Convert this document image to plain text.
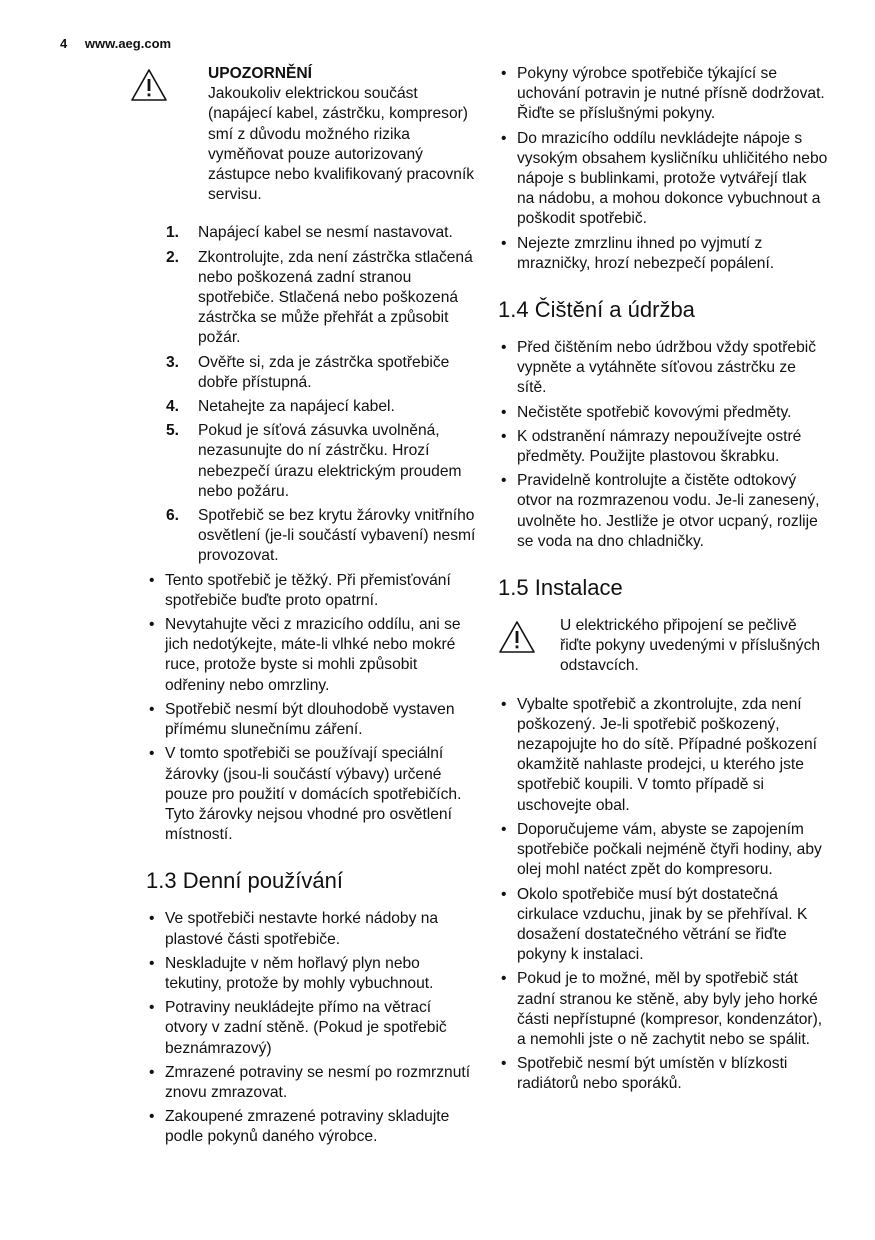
4 www.aeg.com
UPOZORNĚNÍ
Jakoukoliv elektrickou součást (napájecí kabel, zástrčku, kompresor) smí z důvodu možného rizika vyměňovat pouze autorizovaný zástupce nebo kvalifikovaný pracovník servisu.
1. Napájecí kabel se nesmí nastavovat.
2. Zkontrolujte, zda není zástrčka stlačená nebo poškozená zadní stranou spotřebiče. Stlačená nebo poškozená zástrčka se může přehřát a způsobit požár.
3. Ověřte si, zda je zástrčka spotřebiče dobře přístupná.
4. Netahejte za napájecí kabel.
5. Pokud je síťová zásuvka uvolněná, nezasunujte do ní zástrčku. Hrozí nebezpečí úrazu elektrickým proudem nebo požáru.
6. Spotřebič se bez krytu žárovky vnitřního osvětlení (je-li součástí vybavení) nesmí provozovat.
• Tento spotřebič je těžký. Při přemisťování spotřebiče buďte proto opatrní.
• Nevytahujte věci z mrazicího oddílu, ani se jich nedotýkejte, máte-li vlhké nebo mokré ruce, protože byste si mohli způsobit odřeniny nebo omrzliny.
• Spotřebič nesmí být dlouhodobě vystaven přímému slunečnímu záření.
• V tomto spotřebiči se používají speciální žárovky (jsou-li součástí výbavy) určené pouze pro použití v domácích spotřebičích. Tyto žárovky nejsou vhodné pro osvětlení místností.
1.3 Denní používání
• Ve spotřebiči nestavte horké nádoby na plastové části spotřebiče.
• Neskladujte v něm hořlavý plyn nebo tekutiny, protože by mohly vybuchnout.
• Potraviny neukládejte přímo na větrací otvory v zadní stěně. (Pokud je spotřebič beznámrazový)
• Zmrazené potraviny se nesmí po rozmrznutí znovu zmrazovat.
• Zakoupené zmrazené potraviny skladujte podle pokynů daného výrobce.
• Pokyny výrobce spotřebiče týkající se uchování potravin je nutné přísně dodržovat. Řiďte se příslušnými pokyny.
• Do mrazicího oddílu nevkládejte nápoje s vysokým obsahem kysličníku uhličitého nebo nápoje s bublinkami, protože vytvářejí tlak na nádobu, a mohou dokonce vybuchnout a poškodit spotřebič.
• Nejezte zmrzlinu ihned po vyjmutí z mrazničky, hrozí nebezpečí popálení.
1.4 Čištění a údržba
• Před čištěním nebo údržbou vždy spotřebič vypněte a vytáhněte síťovou zástrčku ze sítě.
• Nečistěte spotřebič kovovými předměty.
• K odstranění námrazy nepoužívejte ostré předměty. Použijte plastovou škrabku.
• Pravidelně kontrolujte a čistěte odtokový otvor na rozmrazenou vodu. Je-li zanesený, uvolněte ho. Jestliže je otvor ucpaný, rozlije se voda na dno chladničky.
1.5 Instalace
U elektrického připojení se pečlivě řiďte pokyny uvedenými v příslušných odstavcích.
• Vybalte spotřebič a zkontrolujte, zda není poškozený. Je-li spotřebič poškozený, nezapojujte ho do sítě. Případné poškození okamžitě nahlaste prodejci, u kterého jste spotřebič koupili. V tomto případě si uschovejte obal.
• Doporučujeme vám, abyste se zapojením spotřebiče počkali nejméně čtyři hodiny, aby olej mohl natéct zpět do kompresoru.
• Okolo spotřebiče musí být dostatečná cirkulace vzduchu, jinak by se přehříval. K dosažení dostatečného větrání se řiďte pokyny k instalaci.
• Pokud je to možné, měl by spotřebič stát zadní stranou ke stěně, aby byly jeho horké části nepřístupné (kompresor, kondenzátor), a nemohli jste o ně zachytit nebo se spálit.
• Spotřebič nesmí být umístěn v blízkosti radiátorů nebo sporáků.
